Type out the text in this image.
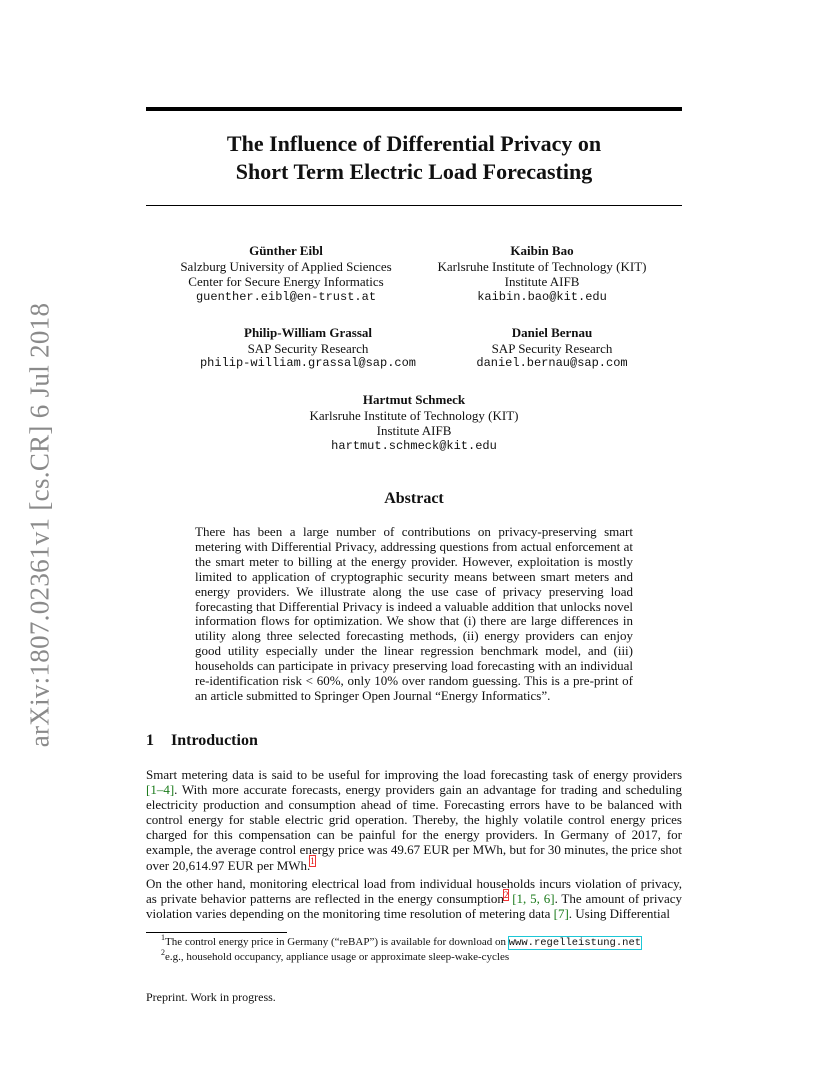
arXiv:1807.02361v1 [cs.CR] 6 Jul 2018
The Influence of Differential Privacy on
Short Term Electric Load Forecasting
Günther Eibl
Salzburg University of Applied Sciences
Center for Secure Energy Informatics
guenther.eibl@en-trust.at
Kaibin Bao
Karlsruhe Institute of Technology (KIT)
Institute AIFB
kaibin.bao@kit.edu
Philip-William Grassal
SAP Security Research
philip-william.grassal@sap.com
Daniel Bernau
SAP Security Research
daniel.bernau@sap.com
Hartmut Schmeck
Karlsruhe Institute of Technology (KIT)
Institute AIFB
hartmut.schmeck@kit.edu
Abstract
There has been a large number of contributions on privacy-preserving smart metering with Differential Privacy, addressing questions from actual enforcement at the smart meter to billing at the energy provider. However, exploitation is mostly limited to application of cryptographic security means between smart meters and energy providers. We illustrate along the use case of privacy preserving load forecasting that Differential Privacy is indeed a valuable addition that unlocks novel information flows for optimization. We show that (i) there are large differences in utility along three selected forecasting methods, (ii) energy providers can enjoy good utility especially under the linear regression benchmark model, and (iii) households can participate in privacy preserving load forecasting with an individual re-identification risk < 60%, only 10% over random guessing. This is a pre-print of an article submitted to Springer Open Journal “Energy Informatics”.
1 Introduction
Smart metering data is said to be useful for improving the load forecasting task of energy providers [1–4]. With more accurate forecasts, energy providers gain an advantage for trading and scheduling electricity production and consumption ahead of time. Forecasting errors have to be balanced with control energy for stable electric grid operation. Thereby, the highly volatile control energy prices charged for this compensation can be painful for the energy providers. In Germany of 2017, for example, the average control energy price was 49.67 EUR per MWh, but for 30 minutes, the price shot over 20,614.97 EUR per MWh.$^1$
On the other hand, monitoring electrical load from individual households incurs violation of privacy, as private behavior patterns are reflected in the energy consumption$^2$ [1, 5, 6]. The amount of privacy violation varies depending on the monitoring time resolution of metering data [7]. Using Differential
$^1$The control energy price in Germany (“reBAP”) is available for download on www.regelleistung.net
$^2$e.g., household occupancy, appliance usage or approximate sleep-wake-cycles
Preprint. Work in progress.
